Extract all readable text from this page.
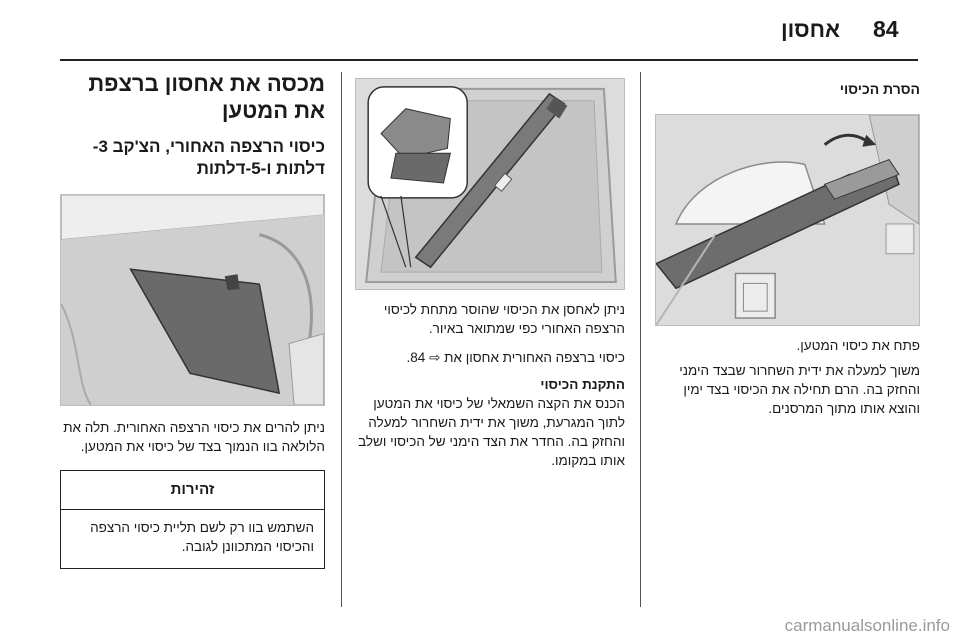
84
אחסון
הסרת הכיסוי
פתח את כיסוי המטען.
משוך למעלה את ידית השחרור שבצד הימני והחזק בה. הרם תחילה את הכיסוי בצד ימין והוצא אותו מתוך המרסנים.
ניתן לאחסן את הכיסוי שהוסר מתחת לכיסוי הרצפה האחורי כפי שמתואר באיור.
כיסוי ברצפה האחורית אחסון את ⇨ 84.
התקנת הכיסוי
הכנס את הקצה השמאלי של כיסוי את המטען לתוך המגרעת, משוך את ידית השחרור למעלה והחזק בה. החדר את הצד הימני של הכיסוי ושלב אותו במקומו.
מכסה את אחסון ברצפת את המטען
כיסוי הרצפה האחורי, הצ'קב 3-דלתות ו-5-דלתות
ניתן להרים את כיסוי הרצפה האחורית. תלה את הלולאה בוו הנמוך בצד של כיסוי את המטען.
זהירות
השתמש בוו רק לשם תליית כיסוי הרצפה והכיסוי המתכוונן לגובה.
carmanualsonline.info
